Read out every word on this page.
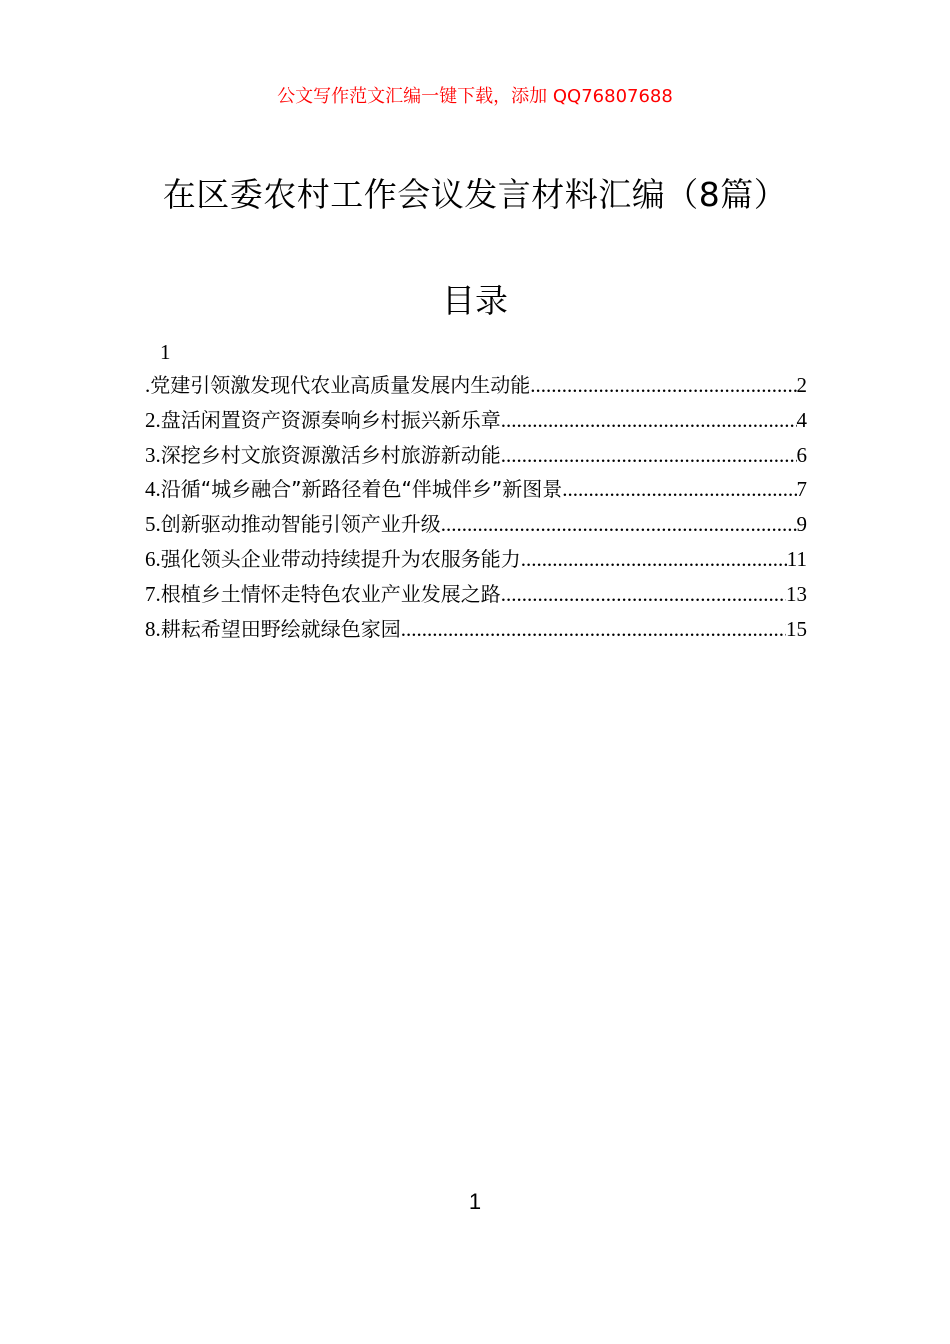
公文写作范文汇编一键下载，添加 QQ76807688
在区委农村工作会议发言材料汇编（8篇）
目录
1
. 党建引领激发现代农业高质量发展内生动能 .....	2
2. 盘活闲置资产资源奏响乡村振兴新乐章 .....	4
3. 深挖乡村文旅资源激活乡村旅游新动能 .....	6
4. 沿循“城乡融合”新路径着色“伴城伴乡”新图景 .....	7
5. 创新驱动推动智能引领产业升级 .....	9
6. 强化领头企业带动持续提升为农服务能力 .....	11
7. 根植乡土情怀走特色农业产业发展之路 .....	13
8. 耕耘希望田野绘就绿色家园 .....	15
1
